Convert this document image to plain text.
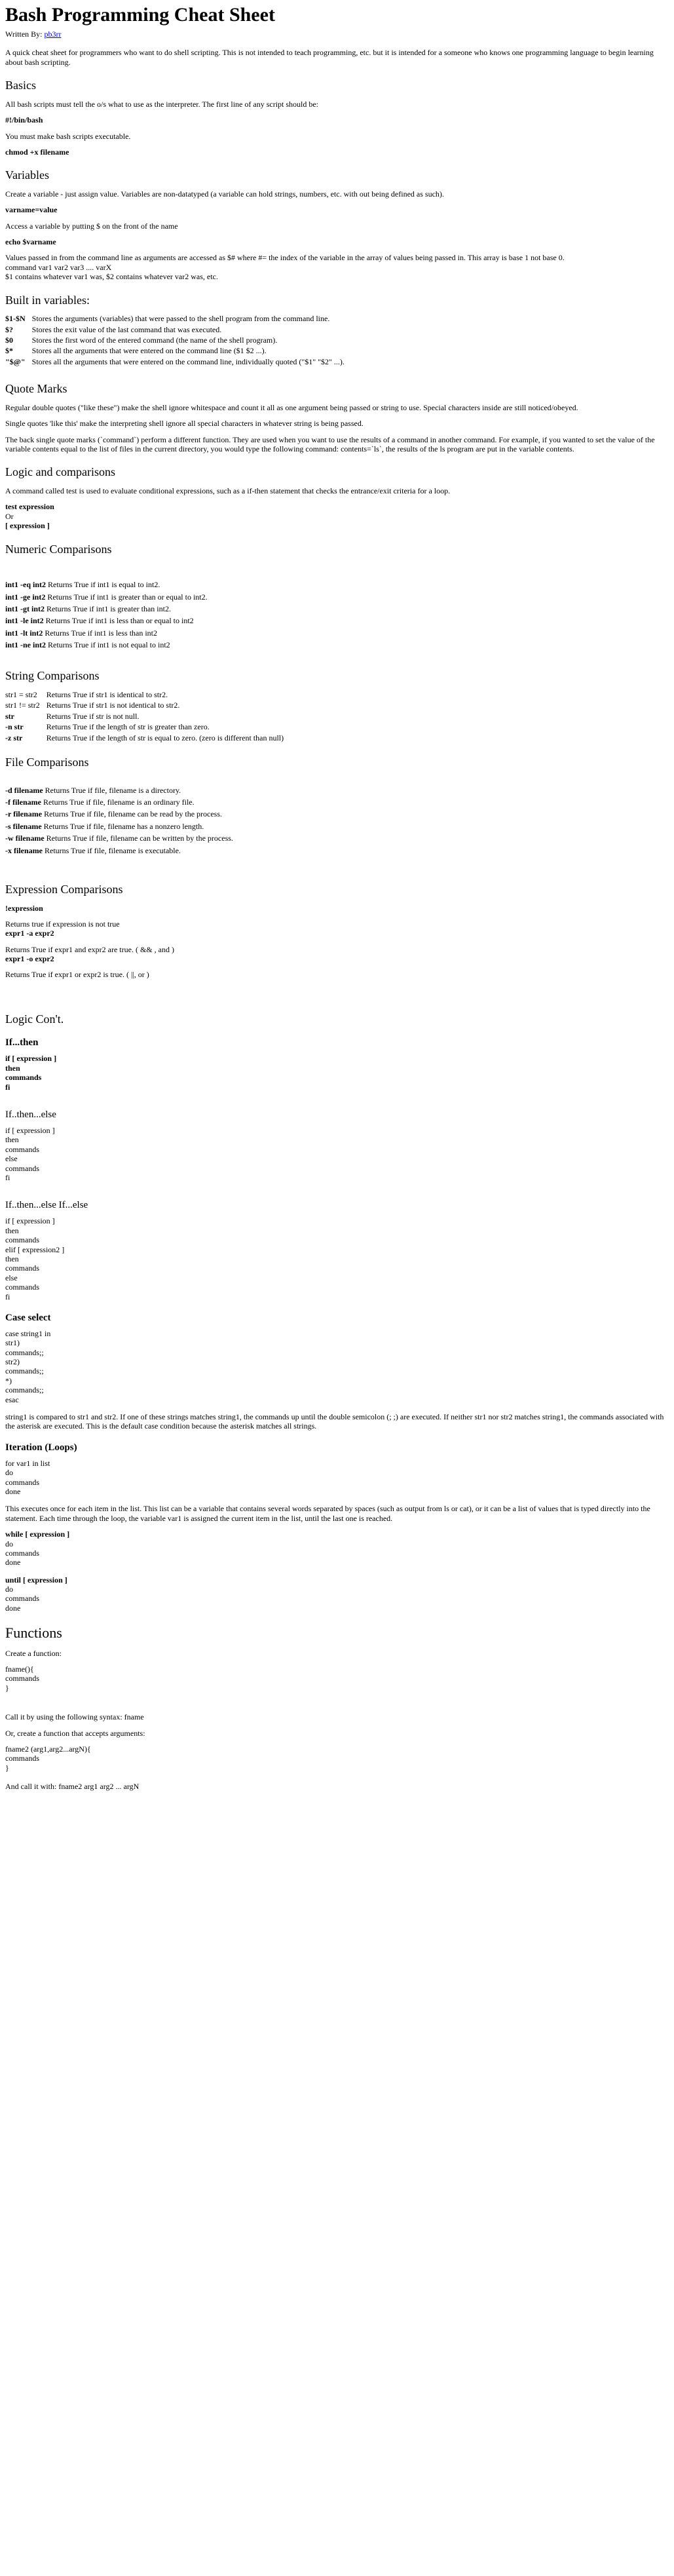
Bash Programming Cheat Sheet

Written By: pb3rr

A quick cheat sheet for programmers who want to do shell scripting. This is not intended to teach programming, etc. but it is intended for a someone who knows one programming language to begin learning about bash scripting.

Basics

All bash scripts must tell the o/s what to use as the interpreter. The first line of any script should be:

#!/bin/bash

You must make bash scripts executable.

chmod +x filename

Variables

Create a variable - just assign value. Variables are non-datatyped (a variable can hold strings, numbers, etc. with out being defined as such).

varname=value

Access a variable by putting $ on the front of the name

echo $varname

Values passed in from the command line as arguments are accessed as $# where #= the index of the variable in the array of values being passed in. This array is base 1 not base 0.

command var1 var2 var3 .... varX

$1 contains whatever var1 was, $2 contains whatever var2 was, etc.

Built in variables:
$1-$N	Stores the arguments (variables) that were passed to the shell program from the command line.
$?	Stores the exit value of the last command that was executed.
$0	Stores the first word of the entered command (the name of the shell program).
$*	Stores all the arguments that were entered on the command line ($1 $2 ...).
"$@"	Stores all the arguments that were entered on the command line, individually quoted ("$1" "$2" ...).
Quote Marks

Regular double quotes ("like these") make the shell ignore whitespace and count it all as one argument being passed or string to use. Special characters inside are still noticed/obeyed.

Single quotes 'like this' make the interpreting shell ignore all special characters in whatever string is being passed.

The back single quote marks (`command`) perform a different function. They are used when you want to use the results of a command in another command. For example, if you wanted to set the value of the variable contents equal to the list of files in the current directory, you would type the following command: contents=`ls`, the results of the ls program are put in the variable contents.

Logic and comparisons

A command called test is used to evaluate conditional expressions, such as a if-then statement that checks the entrance/exit criteria for a loop.

test expression

Or

[ expression ]

Numeric Comparisons

int1 -eq int2 Returns True if int1 is equal to int2.

int1 -ge int2 Returns True if int1 is greater than or equal to int2.

int1 -gt int2 Returns True if int1 is greater than int2.

int1 -le int2 Returns True if int1 is less than or equal to int2

int1 -lt int2 Returns True if int1 is less than int2

int1 -ne int2 Returns True if int1 is not equal to int2

String Comparisons
str1 = str2	Returns True if str1 is identical to str2.
str1 != str2	Returns True if str1 is not identical to str2.
str	Returns True if str is not null.
-n str	Returns True if the length of str is greater than zero.
-z str	Returns True if the length of str is equal to zero. (zero is different than null)
File Comparisons

-d filename Returns True if file, filename is a directory.

-f filename Returns True if file, filename is an ordinary file.

-r filename Returns True if file, filename can be read by the process.

-s filename Returns True if file, filename has a nonzero length.

-w filename Returns True if file, filename can be written by the process.

-x filename Returns True if file, filename is executable.

Expression Comparisons

!expression

Returns true if expression is not true

expr1 -a expr2

Returns True if expr1 and expr2 are true. ( && , and )

expr1 -o expr2

Returns True if expr1 or expr2 is true. ( ||, or )

Logic Con't.
If...then

if [ expression ]

then

commands

fi

If..then...else

if [ expression ]

then

commands

else

commands

fi

If..then...else If...else

if [ expression ]

then

commands

elif [ expression2 ]

then

commands

else

commands

fi

Case select

case string1 in

str1)

commands;;

str2)

commands;;

*)

commands;;

esac

string1 is compared to str1 and str2. If one of these strings matches string1, the commands up until the double semicolon (; ;) are executed. If neither str1 nor str2 matches string1, the commands associated with the asterisk are executed. This is the default case condition because the asterisk matches all strings.

Iteration (Loops)

for var1 in list

do

commands

done

This executes once for each item in the list. This list can be a variable that contains several words separated by spaces (such as output from ls or cat), or it can be a list of values that is typed directly into the statement. Each time through the loop, the variable var1 is assigned the current item in the list, until the last one is reached.

while [ expression ]

do

commands

done

until [ expression ]

do

commands

done

Functions

Create a function:

fname(){

commands

}

Call it by using the following syntax: fname

Or, create a function that accepts arguments:

fname2 (arg1,arg2...argN){

commands

}

And call it with: fname2 arg1 arg2 ... argN
